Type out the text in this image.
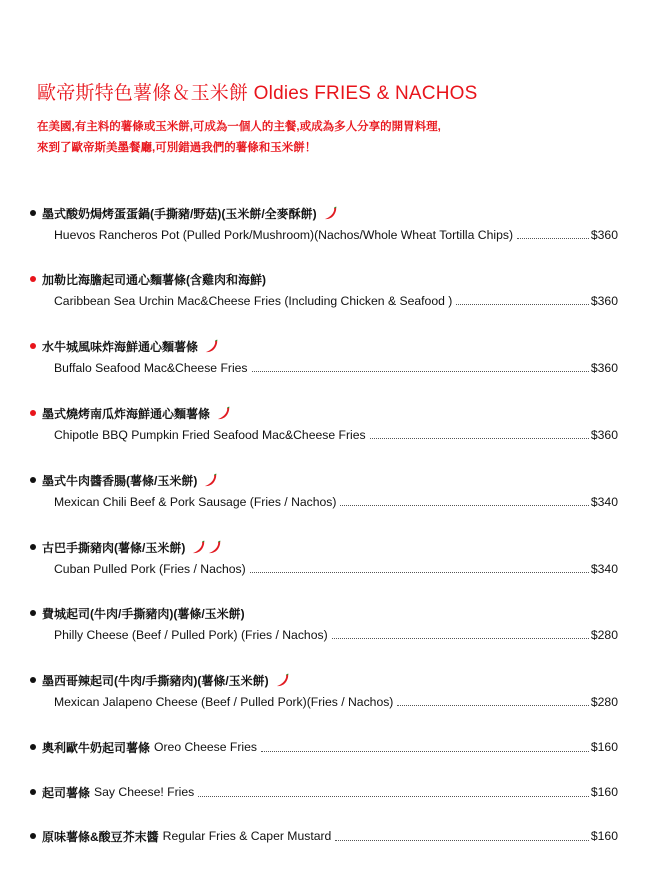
歐帝斯特色薯條＆玉米餅 Oldies FRIES & NACHOS
在美國,有主料的薯條或玉米餅,可成為一個人的主餐,或成為多人分享的開胃料理,
來到了歐帝斯美墨餐廳,可別錯過我們的薯條和玉米餅！
墨式酸奶焗烤蛋蛋鍋(手撕豬/野菇)(玉米餅/全麥酥餅)
Huevos Rancheros Pot (Pulled Pork/Mushroom)(Nachos/Whole Wheat Tortilla Chips)	$360
加勒比海膽起司通心麵薯條(含雞肉和海鮮)
Caribbean Sea Urchin Mac&Cheese Fries (Including Chicken & Seafood )	$360
水牛城風味炸海鮮通心麵薯條
Buffalo Seafood Mac&Cheese Fries	$360
墨式燒烤南瓜炸海鮮通心麵薯條
Chipotle BBQ Pumpkin Fried Seafood Mac&Cheese Fries	$360
墨式牛肉醬香腸(薯條/玉米餅)
Mexican Chili Beef & Pork Sausage (Fries / Nachos)	$340
古巴手撕豬肉(薯條/玉米餅)
Cuban Pulled Pork (Fries / Nachos)	$340
費城起司(牛肉/手撕豬肉)(薯條/玉米餅)
Philly Cheese (Beef / Pulled Pork) (Fries / Nachos)	$280
墨西哥辣起司(牛肉/手撕豬肉)(薯條/玉米餅)
Mexican Jalapeno Cheese (Beef / Pulled Pork)(Fries / Nachos)	$280
奧利歐牛奶起司薯條 Oreo Cheese Fries	$160
起司薯條 Say Cheese! Fries	$160
原味薯條&酸豆芥末醬 Regular Fries & Caper Mustard	$160
